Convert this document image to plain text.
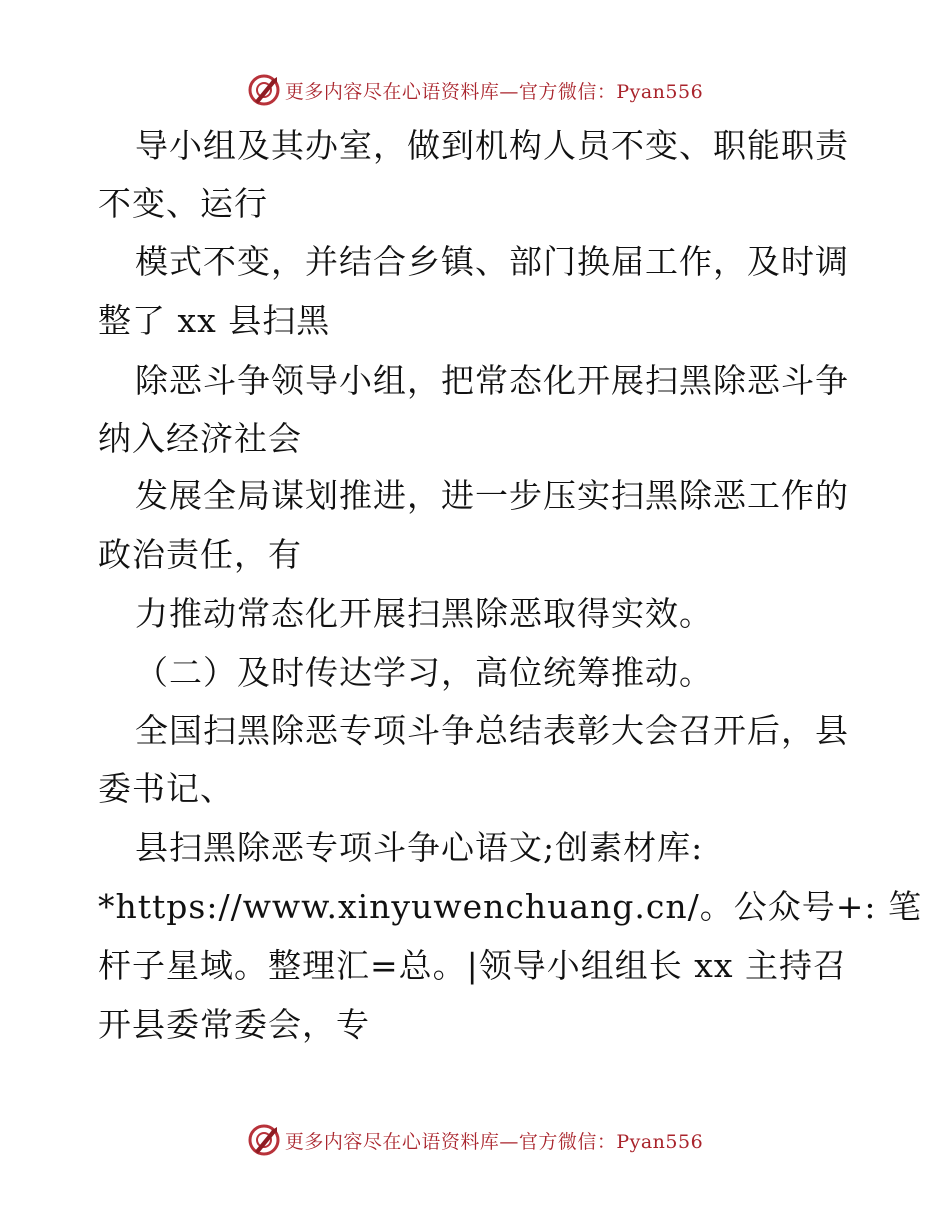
更多内容尽在心语资料库—官方微信：Pyan556
导小组及其办室，做到机构人员不变、职能职责
不变、运行
模式不变，并结合乡镇、部门换届工作，及时调
整了 xx 县扫黑
除恶斗争领导小组，把常态化开展扫黑除恶斗争
纳入经济社会
发展全局谋划推进，进一步压实扫黑除恶工作的
政治责任，有
力推动常态化开展扫黑除恶取得实效。
（二）及时传达学习，高位统筹推动。
全国扫黑除恶专项斗争总结表彰大会召开后，县
委书记、
县扫黑除恶专项斗争心语文;创素材库:
*https://www.xinyuwenchuang.cn/。公众号+: 笔
杆子星域。整理汇=总。|领导小组组长 xx 主持召
开县委常委会，专
更多内容尽在心语资料库—官方微信：Pyan556
